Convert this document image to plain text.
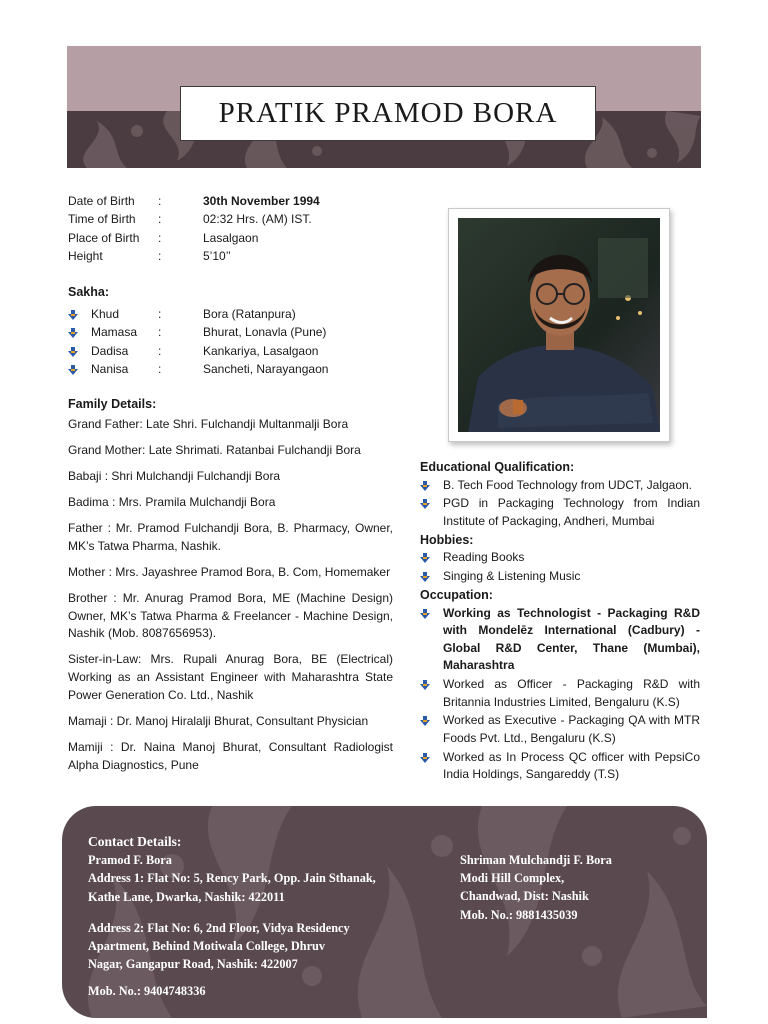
PRATIK PRAMOD BORA
Date of Birth	:	30th November 1994
Time of Birth	:	02:32 Hrs. (AM) IST.
Place of Birth	:	Lasalgaon
Height	:	5’10’’
Sakha:
Khud	:	Bora (Ratanpura)
Mamasa	:	Bhurat, Lonavla (Pune)
Dadisa	:	Kankariya, Lasalgaon
Nanisa	:	Sancheti, Narayangaon
Family Details:

Grand Father: Late Shri. Fulchandji Multanmalji Bora

Grand Mother: Late Shrimati. Ratanbai Fulchandji Bora

Babaji : Shri Mulchandji Fulchandji Bora

Badima : Mrs. Pramila Mulchandji Bora

Father : Mr. Pramod Fulchandji Bora, B. Pharmacy, Owner, MK’s Tatwa Pharma, Nashik.

Mother : Mrs. Jayashree Pramod Bora, B. Com, Homemaker

Brother : Mr. Anurag Pramod Bora, ME (Machine Design) Owner, MK’s Tatwa Pharma & Freelancer - Machine Design, Nashik (Mob. 8087656953).

Sister-in-Law: Mrs. Rupali Anurag Bora, BE (Electrical) Working as an Assistant Engineer with Maharashtra State Power Generation Co. Ltd., Nashik

Mamaji : Dr. Manoj Hiralalji Bhurat, Consultant Physician

Mamiji : Dr. Naina Manoj Bhurat, Consultant Radiologist Alpha Diagnostics, Pune

Educational Qualification:
B. Tech Food Technology from UDCT, Jalgaon.
PGD in Packaging Technology from Indian Institute of Packaging, Andheri, Mumbai
Hobbies:
Reading Books
Singing & Listening Music
Occupation:
Working as Technologist - Packaging R&D with Mondelēz International (Cadbury) - Global R&D Center, Thane (Mumbai), Maharashtra
Worked as Officer - Packaging R&D with Britannia Industries Limited, Bengaluru (K.S)
Worked as Executive - Packaging QA with MTR Foods Pvt. Ltd., Bengaluru (K.S)
Worked as In Process QC officer with PepsiCo India Holdings, Sangareddy (T.S)
Contact Details:
Pramod F. Bora
Address 1: Flat No: 5, Rency Park, Opp. Jain Sthanak,
Kathe Lane, Dwarka, Nashik: 422011
Address 2: Flat No: 6, 2nd Floor, Vidya Residency
Apartment, Behind Motiwala College, Dhruv
Nagar, Gangapur Road, Nashik: 422007
Mob. No.: 9404748336
Shriman Mulchandji F. Bora
Modi Hill Complex,
Chandwad, Dist: Nashik
Mob. No.: 9881435039
